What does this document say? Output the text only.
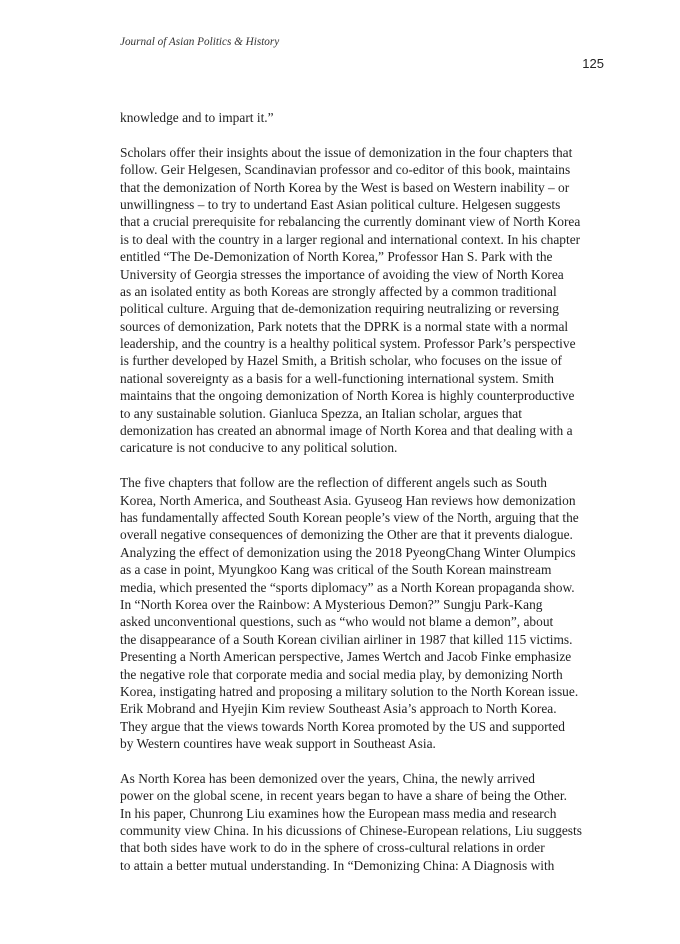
Journal of Asian Politics & History
125
knowledge and to impart it.”
Scholars offer their insights about the issue of demonization in the four chapters that
follow. Geir Helgesen, Scandinavian professor and co-editor of this book, maintains
that the demonization of North Korea by the West is based on Western inability – or
unwillingness – to try to undertand East Asian political culture. Helgesen suggests
that a crucial prerequisite for rebalancing the currently dominant view of North Korea
is to deal with the country in a larger regional and international context. In his chapter
entitled “The De-Demonization of North Korea,” Professor Han S. Park with the
University of Georgia stresses the importance of avoiding the view of North Korea
as an isolated entity as both Koreas are strongly affected by a common traditional
political culture. Arguing that de-demonization requiring neutralizing or reversing
sources of demonization, Park notets that the DPRK is a normal state with a normal
leadership, and the country is a healthy political system. Professor Park’s perspective
is further developed by Hazel Smith, a British scholar, who focuses on the issue of
national sovereignty as a basis for a well-functioning international system. Smith
maintains that the ongoing demonization of North Korea is highly counterproductive
to any sustainable solution. Gianluca Spezza, an Italian scholar, argues that
demonization has created an abnormal image of North Korea and that dealing with a
caricature is not conducive to any political solution.
The five chapters that follow are the reflection of different angels such as South
Korea, North America, and Southeast Asia. Gyuseog Han reviews how demonization
has fundamentally affected South Korean people’s view of the North, arguing that the
overall negative consequences of demonizing the Other are that it prevents dialogue.
Analyzing the effect of demonization using the 2018 PyeongChang Winter Olumpics
as a case in point, Myungkoo Kang was critical of the South Korean mainstream
media, which presented the “sports diplomacy” as a North Korean propaganda show.
In “North Korea over the Rainbow: A Mysterious Demon?” Sungju Park-Kang
asked unconventional questions, such as “who would not blame a demon”, about
the disappearance of a South Korean civilian airliner in 1987 that killed 115 victims.
Presenting a North American perspective, James Wertch and Jacob Finke emphasize
the negative role that corporate media and social media play, by demonizing North
Korea, instigating hatred and proposing a military solution to the North Korean issue.
Erik Mobrand and Hyejin Kim review Southeast Asia’s approach to North Korea.
They argue that the views towards North Korea promoted by the US and supported
by Western countires have weak support in Southeast Asia.
As North Korea has been demonized over the years, China, the newly arrived
power on the global scene, in recent years began to have a share of being the Other.
In his paper, Chunrong Liu examines how the European mass media and research
community view China. In his dicussions of Chinese-European relations, Liu suggests
that both sides have work to do in the sphere of cross-cultural relations in order
to attain a better mutual understanding. In “Demonizing China: A Diagnosis with
